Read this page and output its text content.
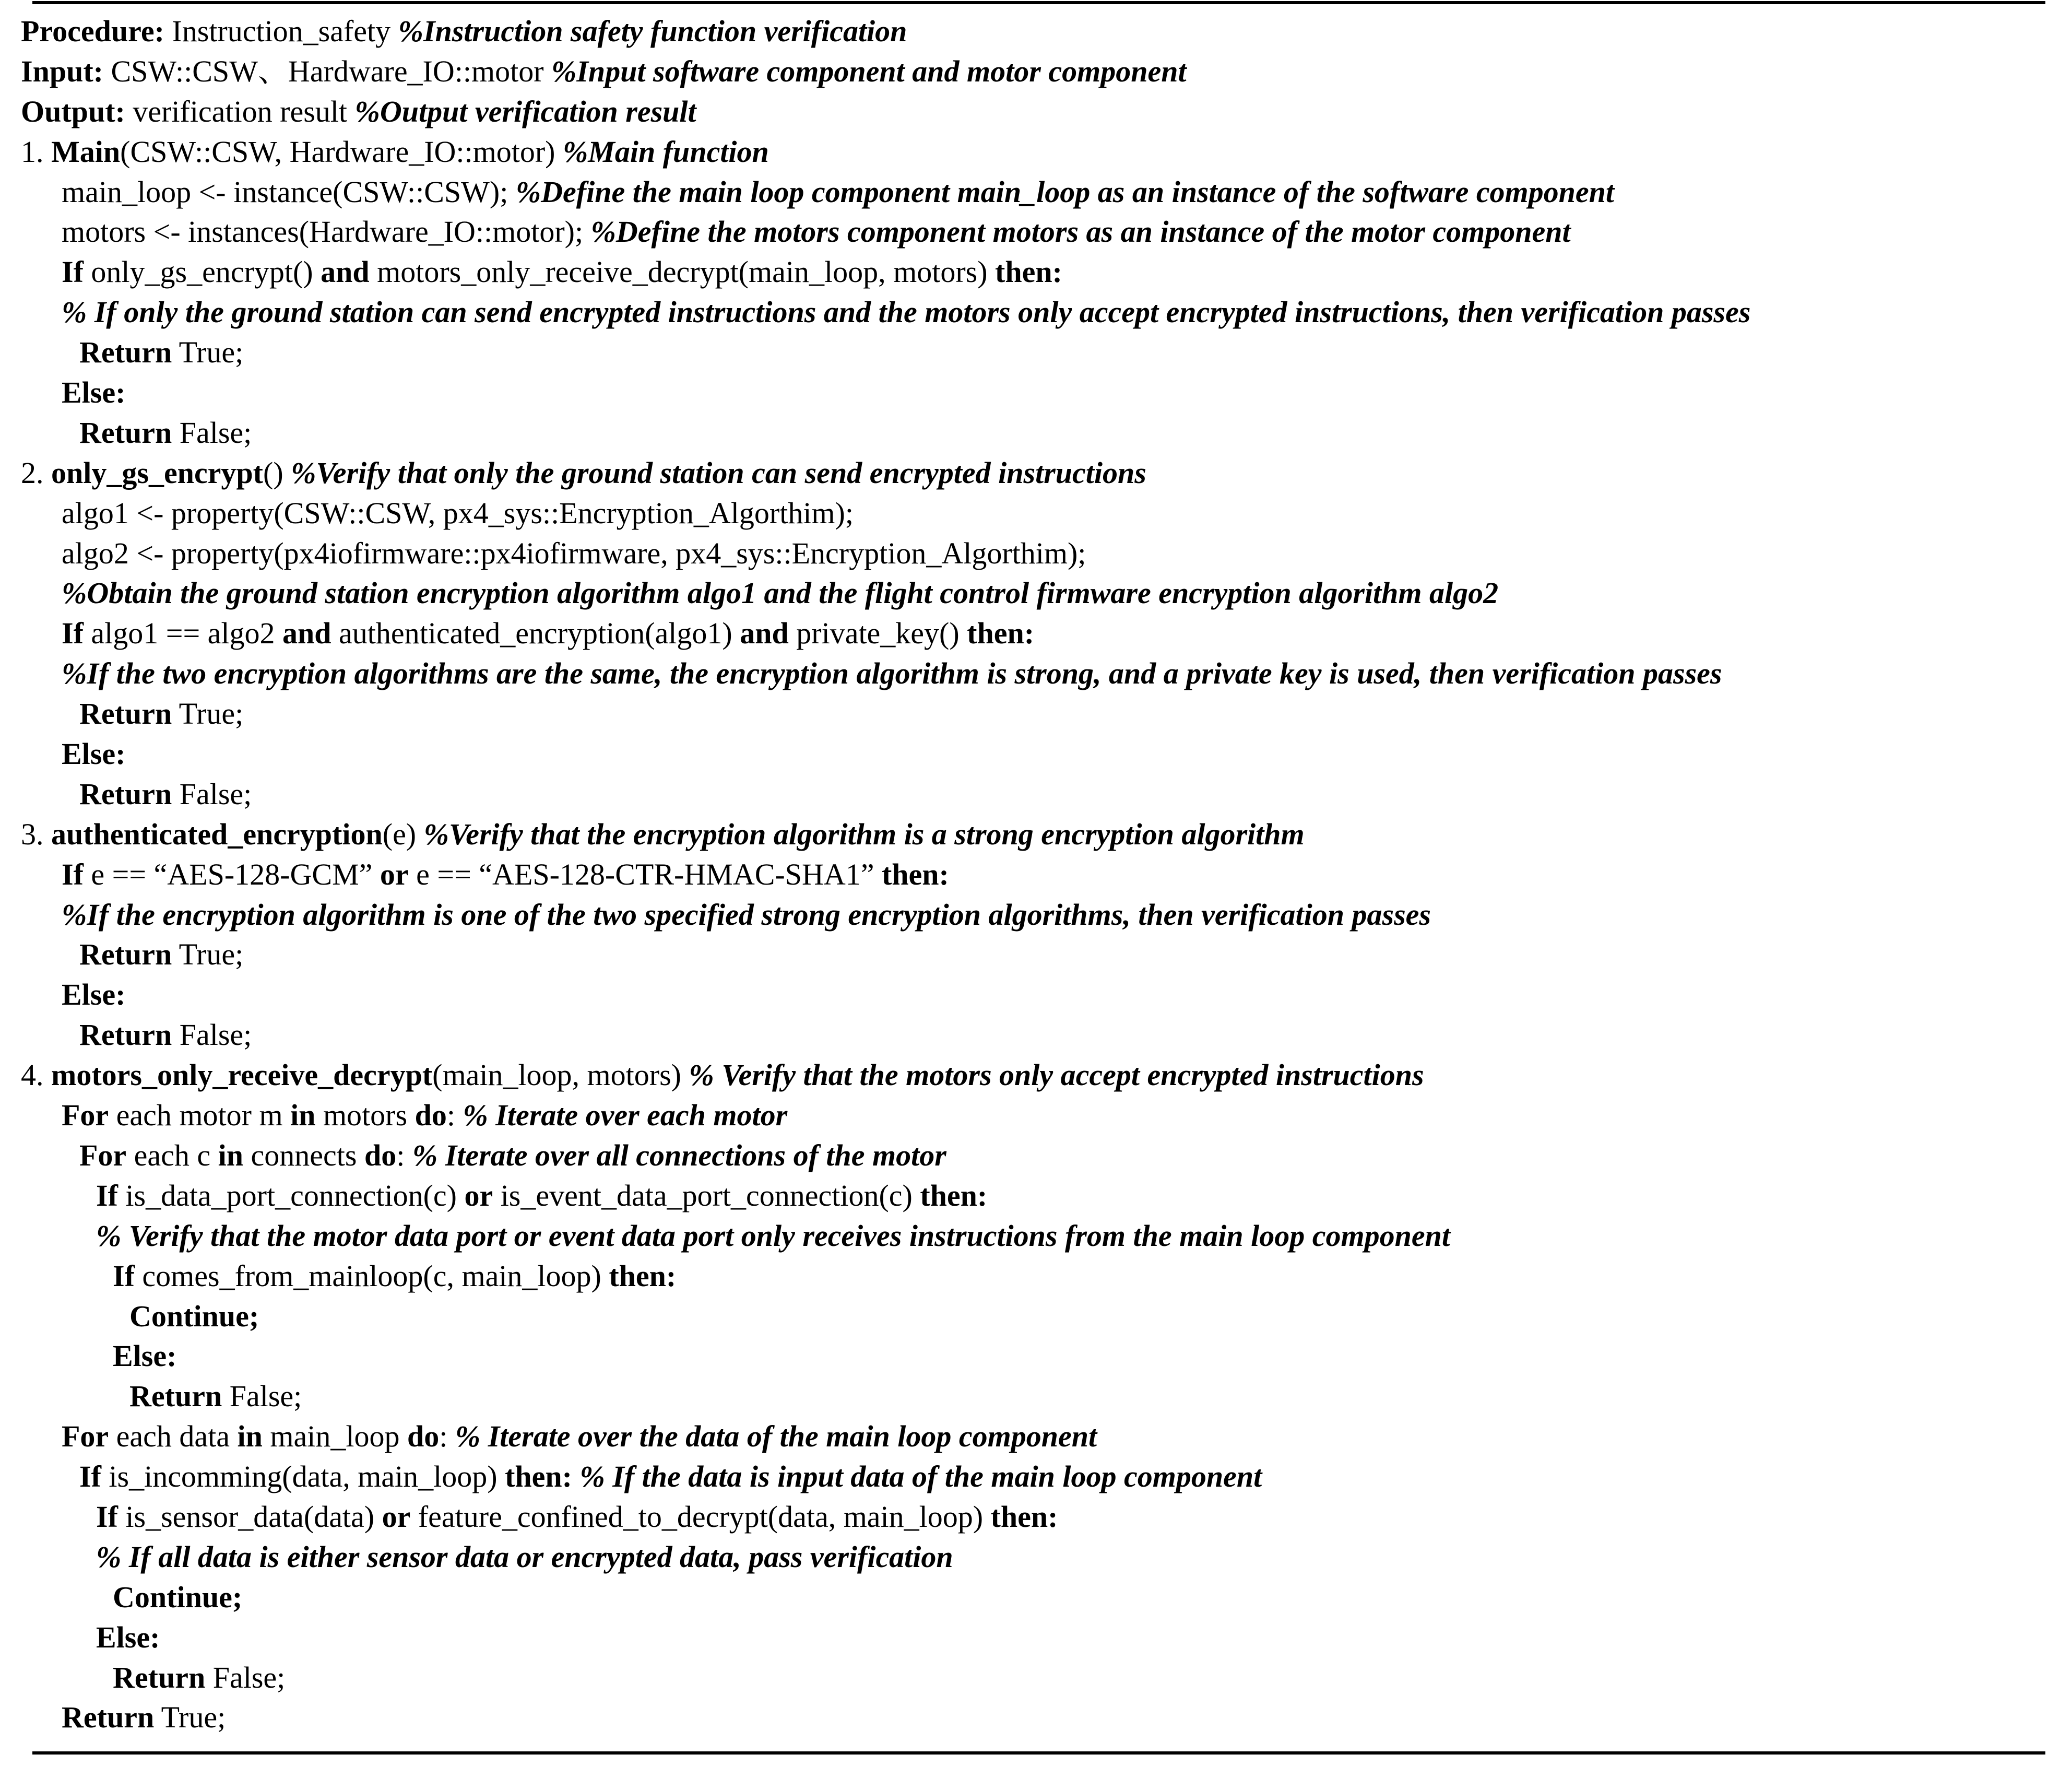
Procedure: Instruction_safety %Instruction safety function verification
Input: CSW::CSW、Hardware_IO::motor %Input software component and motor component
Output: verification result %Output verification result
1. Main(CSW::CSW, Hardware_IO::motor) %Main function
main_loop <- instance(CSW::CSW); %Define the main loop component main_loop as an instance of the software component
motors <- instances(Hardware_IO::motor); %Define the motors component motors as an instance of the motor component
If only_gs_encrypt() and motors_only_receive_decrypt(main_loop, motors) then:
% If only the ground station can send encrypted instructions and the motors only accept encrypted instructions, then verification passes
Return True;
Else:
Return False;
2. only_gs_encrypt() %Verify that only the ground station can send encrypted instructions
algo1 <- property(CSW::CSW, px4_sys::Encryption_Algorthim);
algo2 <- property(px4iofirmware::px4iofirmware, px4_sys::Encryption_Algorthim);
%Obtain the ground station encryption algorithm algo1 and the flight control firmware encryption algorithm algo2
If algo1 == algo2 and authenticated_encryption(algo1) and private_key() then:
%If the two encryption algorithms are the same, the encryption algorithm is strong, and a private key is used, then verification passes
Return True;
Else:
Return False;
3. authenticated_encryption(e) %Verify that the encryption algorithm is a strong encryption algorithm
If e == “AES-128-GCM” or e == “AES-128-CTR-HMAC-SHA1” then:
%If the encryption algorithm is one of the two specified strong encryption algorithms, then verification passes
Return True;
Else:
Return False;
4. motors_only_receive_decrypt(main_loop, motors) % Verify that the motors only accept encrypted instructions
For each motor m in motors do: % Iterate over each motor
For each c in connects do: % Iterate over all connections of the motor
If is_data_port_connection(c) or is_event_data_port_connection(c) then:
% Verify that the motor data port or event data port only receives instructions from the main loop component
If comes_from_mainloop(c, main_loop) then:
Continue;
Else:
Return False;
For each data in main_loop do: % Iterate over the data of the main loop component
If is_incomming(data, main_loop) then: % If the data is input data of the main loop component
If is_sensor_data(data) or feature_confined_to_decrypt(data, main_loop) then:
% If all data is either sensor data or encrypted data, pass verification
Continue;
Else:
Return False;
Return True;
